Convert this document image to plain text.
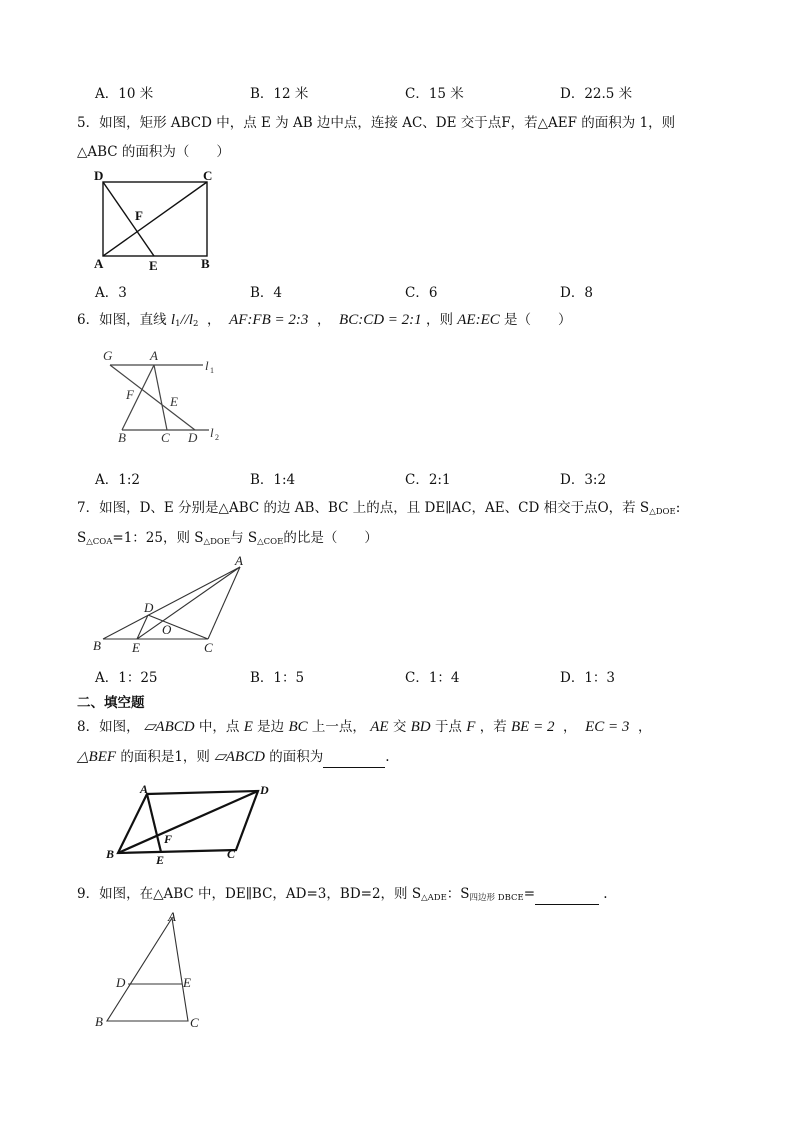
A．10 米	B．12 米	C．15 米	D．22.5 米
5．如图，矩形 ABCD 中，点 E 为 AB 边中点，连接 AC、DE 交于点F，若△AEF 的面积为 1，则
△ABC 的面积为（　　）
D	C
F
A	E	B
A．3	B．4	C．6	D．8
6．如图，直线 $l_1//l_2$  ，  AF:FB = 2:3  ，  BC:CD = 2:1 ，则 AE:EC 是（　　）
G	A
l 1
F	E
B	C D l 2
A．1:2	B．1:4	C．2:1	D．3:2
7．如图，D、E 分别是△ABC 的边 AB、BC 上的点，且 DE∥AC，AE、CD 相交于点O，若 $S_{\triangle DOE}$:
$S_{\triangle COA}=1$：25，则 $S_{\triangle DOE}$与 $S_{\triangle COE}$的比是（　　）
A
D
O
B E	C
A．1：25	B．1：5	C．1：4	D．1：3
二、填空题
8．如图， ▱ABCD 中，点 E 是边 BC 上一点， AE 交 BD 于点 F ，若 BE = 2  ，  EC = 3  ，
△BEF 的面积是1，则 ▱ABCD 的面积为	.
A	D
F
B	E	C
9．如图，在△ABC 中，DE∥BC，AD=3，BD=2，则 $S_{\triangle ADE}$：$S_{四边形 DBCE}=$	.
A
D	E
B	C
